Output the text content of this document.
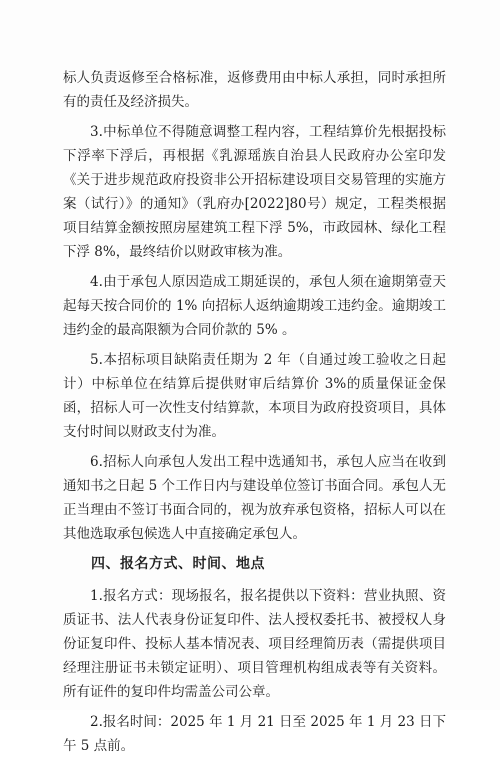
标人负责返修至合格标准，返修费用由中标人承担，同时承担所有的责任及经济损失。

3.中标单位不得随意调整工程内容，工程结算价先根据投标下浮率下浮后，再根据《乳源瑶族自治县人民政府办公室印发《关于进步规范政府投资非公开招标建设项目交易管理的实施方案（试行）》的通知》（乳府办[2022]80号）规定，工程类根据项目结算金额按照房屋建筑工程下浮 5%，市政园林、绿化工程下浮 8%，最终结价以财政审核为准。

4.由于承包人原因造成工期延误的，承包人须在逾期第壹天起每天按合同价的 1% 向招标人返纳逾期竣工违约金。逾期竣工违约金的最高限额为合同价款的 5% 。

5.本招标项目缺陷责任期为 2 年（自通过竣工验收之日起计）中标单位在结算后提供财审后结算价 3%的质量保证金保函，招标人可一次性支付结算款，本项目为政府投资项目，具体支付时间以财政支付为准。

6.招标人向承包人发出工程中选通知书，承包人应当在收到通知书之日起 5 个工作日内与建设单位签订书面合同。承包人无正当理由不签订书面合同的，视为放弃承包资格，招标人可以在其他选取承包候选人中直接确定承包人。

四、报名方式、时间、地点

1.报名方式：现场报名，报名提供以下资料：营业执照、资质证书、法人代表身份证复印件、法人授权委托书、被授权人身份证复印件、投标人基本情况表、项目经理简历表（需提供项目经理注册证书未锁定证明）、项目管理机构组成表等有关资料。所有证件的复印件均需盖公司公章。

2.报名时间：2025 年 1 月 21 日至 2025 年 1 月 23 日下午 5 点前。
